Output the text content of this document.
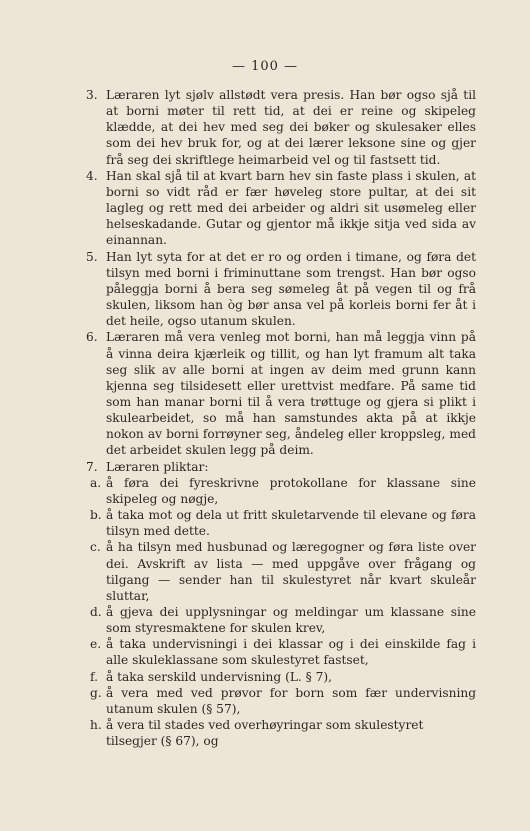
— 100 —
3. Læraren lyt sjølv allstødt vera presis. Han bør ogso sjå til at borni møter til rett tid, at dei er reine og skipeleg klædde, at dei hev med seg dei bøker og skulesaker elles som dei hev bruk for, og at dei lærer leksone sine og gjer frå seg dei skriftlege heimarbeid vel og til fastsett tid.
4. Han skal sjå til at kvart barn hev sin faste plass i skulen, at borni so vidt råd er fær høveleg store pultar, at dei sit lagleg og rett med dei arbeider og aldri sit usømeleg eller helseskadande. Gutar og gjentor må ikkje sitja ved sida av einannan.
5. Han lyt syta for at det er ro og orden i timane, og føra det tilsyn med borni i friminuttane som trengst. Han bør ogso påleggja borni å bera seg sømeleg åt på vegen til og frå skulen, liksom han òg bør ansa vel på korleis borni fer åt i det heile, ogso utanum skulen.
6. Læraren må vera venleg mot borni, han må leggja vinn på å vinna deira kjærleik og tillit, og han lyt framum alt taka seg slik av alle borni at ingen av deim med grunn kann kjenna seg tilsidesett eller urettvist medfare. På same tid som han manar borni til å vera trøttuge og gjera si plikt i skulearbeidet, so må han samstundes akta på at ikkje nokon av borni forrøyner seg, åndeleg eller kroppsleg, med det arbeidet skulen legg på deim.
7. Læraren pliktar:
a. å føra dei fyreskrivne protokollane for klassane sine skipeleg og nøgje,
b. å taka mot og dela ut fritt skuletarvende til elevane og føra tilsyn med dette.
c. å ha tilsyn med husbunad og læregogner og føra liste over dei. Avskrift av lista — med uppgåve over frågang og tilgang — sender han til skulestyret når kvart skuleår sluttar,
d. å gjeva dei upplysningar og meldingar um klassane sine som styresmaktene for skulen krev,
e. å taka undervisningi i dei klassar og i dei einskilde fag i alle skuleklassane som skulestyret fastset,
f. å taka serskild undervisning (L. § 7),
g. å vera med ved prøvor for born som fær undervisning utanum skulen (§ 57),
h. å vera til stades ved overhøyringar som skulestyret tilsegjer (§ 67), og
